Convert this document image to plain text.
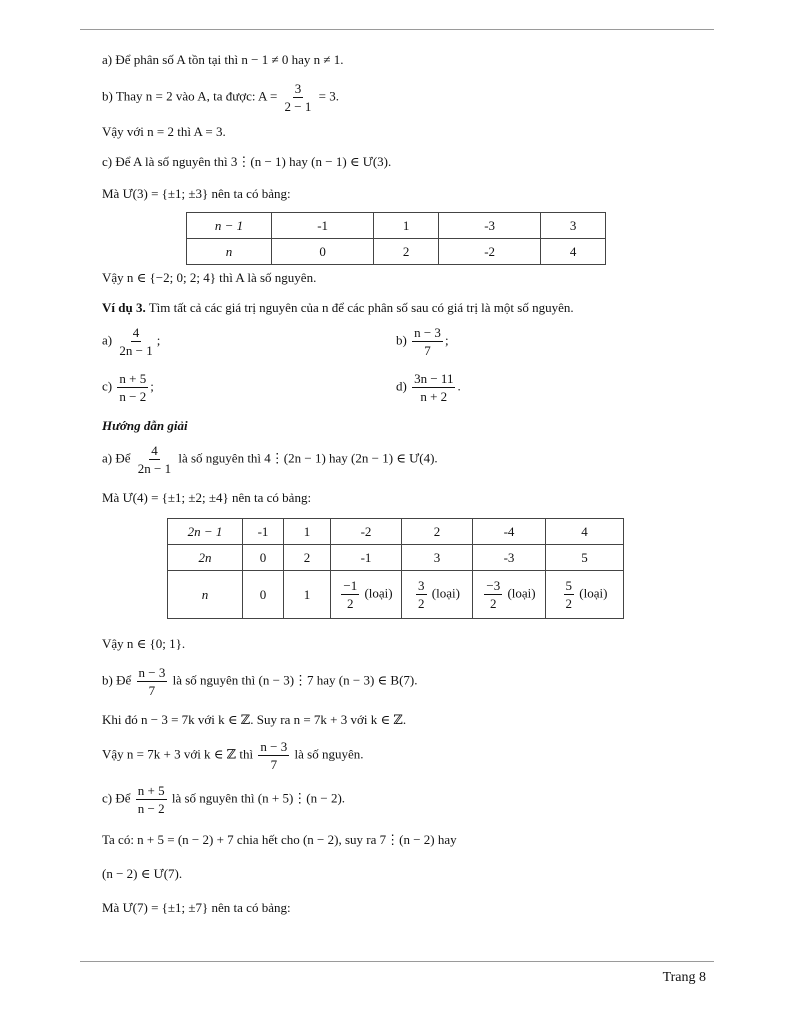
a) Để phân số A tồn tại thì n − 1 ≠ 0 hay n ≠ 1.
b) Thay n = 2 vào A, ta được: $A = \frac{3}{2 - 1} = 3$.
Vậy với n = 2 thì A = 3.
c) Để A là số nguyên thì 3⋮(n − 1) hay (n − 1) ∈ Ư(3).
Mà Ư(3) = {±1; ±3} nên ta có bảng:
n − 1	-1	1	-3	3
n	0	2	-2	4
Vậy n ∈ {−2; 0; 2; 4} thì A là số nguyên.
Ví dụ 3. Tìm tất cả các giá trị nguyên của n để các phân số sau có giá trị là một số nguyên.
$a) \frac{4}{2n - 1}$ ;	$b) \frac{n - 3}{7}$ ;
$c) \frac{n + 5}{n - 2}$ ;	$d) \frac{3n - 11}{n + 2}$ .
Hướng dẫn giải
a) Để $\frac{4}{2n - 1}$ là số nguyên thì 4⋮(2n − 1) hay (2n − 1) ∈ Ư(4).
Mà Ư(4) = {±1; ±2; ±4} nên ta có bảng:
2n − 1	-1	1	-2	2	-4	4
2n	0	2	-1	3	-3	5
n	0	1	$\frac{-1}{2}$ (loại)	$\frac{3}{2}$ (loại)	$\frac{-3}{2}$ (loại)	$\frac{5}{2}$ (loại)
Vậy n ∈ {0; 1}.
b) Để $\frac{n - 3}{7}$ là số nguyên thì (n − 3)⋮7 hay (n − 3) ∈ B(7).
Khi đó n − 3 = 7k với k ∈ ℤ. Suy ra n = 7k + 3 với k ∈ ℤ.
Vậy n = 7k + 3 với k ∈ ℤ thì $\frac{n - 3}{7}$ là số nguyên.
c) Để $\frac{n + 5}{n - 2}$ là số nguyên thì (n + 5)⋮(n − 2).
Ta có: n + 5 = (n − 2) + 7 chia hết cho (n − 2), suy ra 7⋮(n − 2) hay
(n − 2) ∈ Ư(7).
Mà Ư(7) = {±1; ±7} nên ta có bảng:
Trang 8
